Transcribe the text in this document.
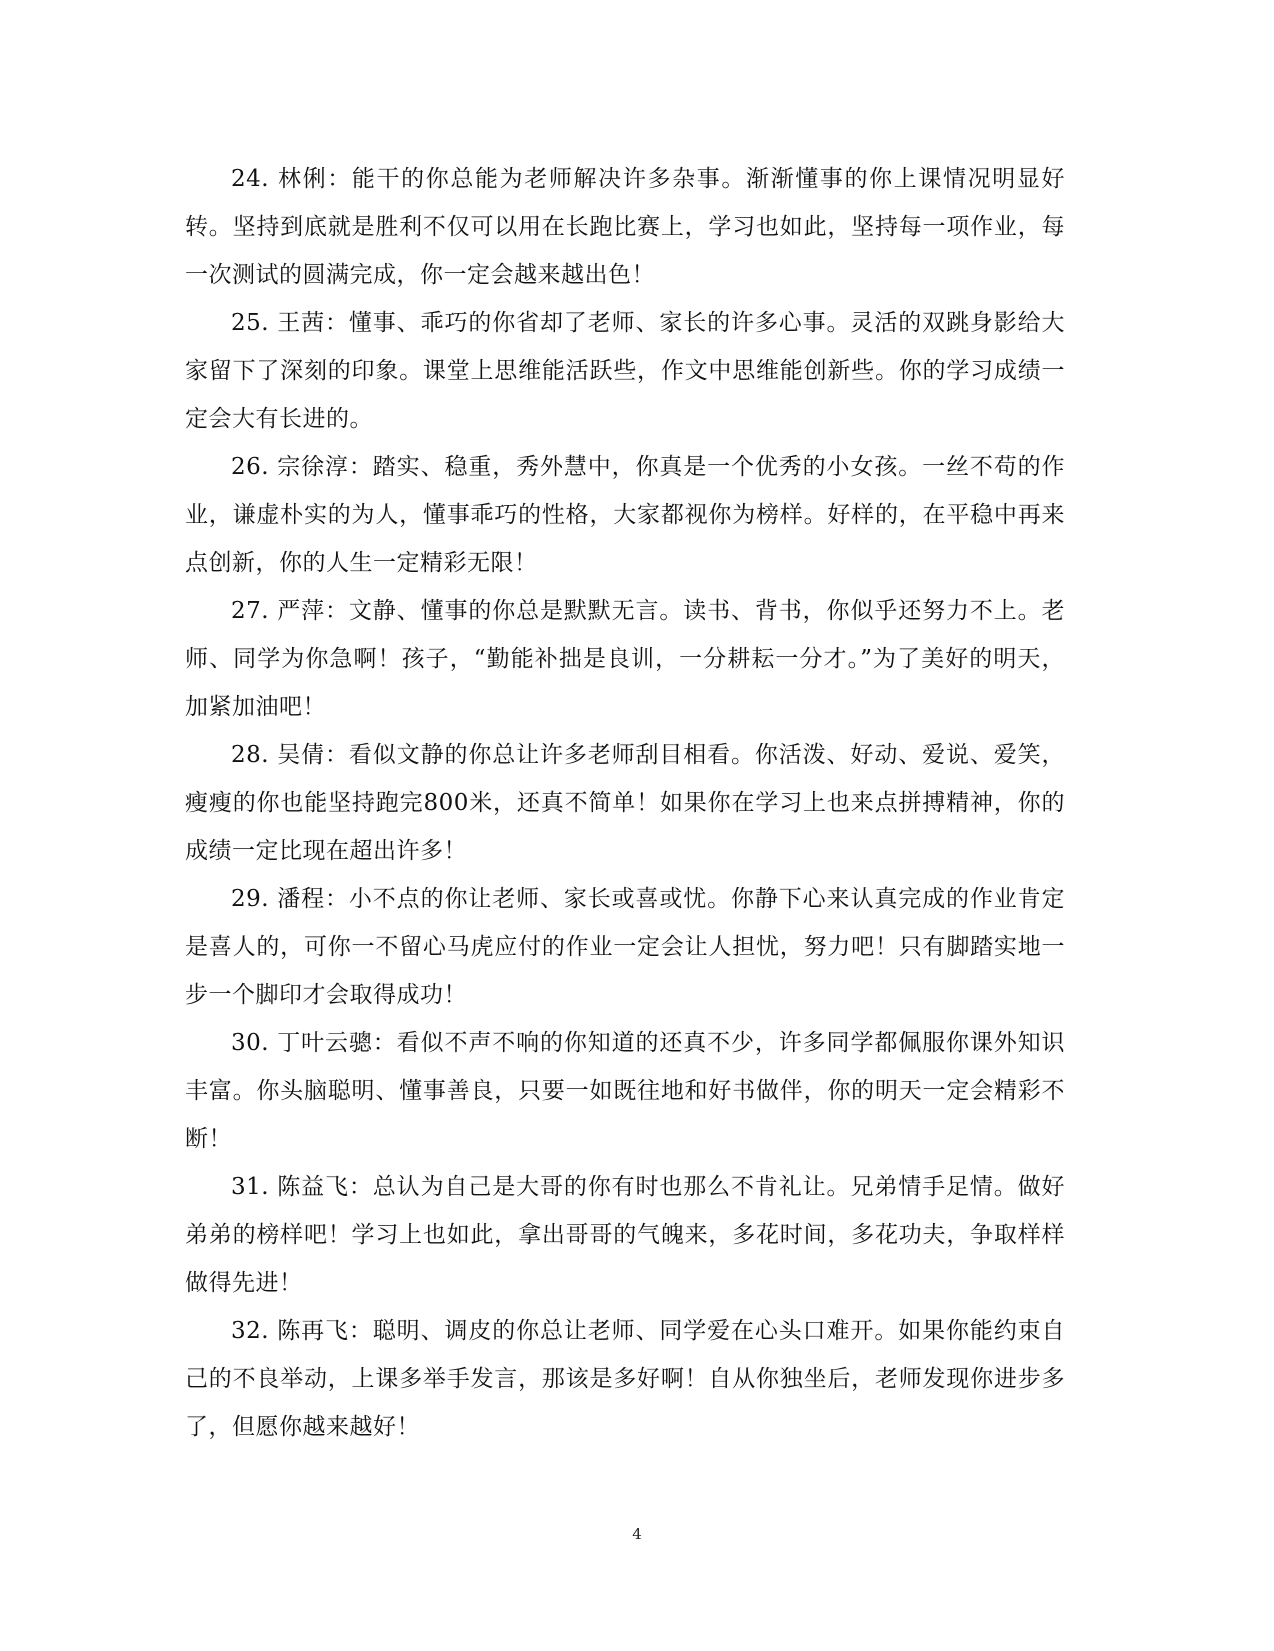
24. 林俐：能干的你总能为老师解决许多杂事。渐渐懂事的你上课情况明显好转。坚持到底就是胜利不仅可以用在长跑比赛上，学习也如此，坚持每一项作业，每一次测试的圆满完成，你一定会越来越出色！

25. 王茜：懂事、乖巧的你省却了老师、家长的许多心事。灵活的双跳身影给大家留下了深刻的印象。课堂上思维能活跃些，作文中思维能创新些。你的学习成绩一定会大有长进的。

26. 宗徐淳：踏实、稳重，秀外慧中，你真是一个优秀的小女孩。一丝不苟的作业，谦虚朴实的为人，懂事乖巧的性格，大家都视你为榜样。好样的，在平稳中再来点创新，你的人生一定精彩无限！

27. 严萍：文静、懂事的你总是默默无言。读书、背书，你似乎还努力不上。老师、同学为你急啊！孩子，“勤能补拙是良训，一分耕耘一分才。”为了美好的明天，加紧加油吧！

28. 吴倩：看似文静的你总让许多老师刮目相看。你活泼、好动、爱说、爱笑，瘦瘦的你也能坚持跑完800米，还真不简单！如果你在学习上也来点拼搏精神，你的成绩一定比现在超出许多！

29. 潘程：小不点的你让老师、家长或喜或忧。你静下心来认真完成的作业肯定是喜人的，可你一不留心马虎应付的作业一定会让人担忧，努力吧！只有脚踏实地一步一个脚印才会取得成功！

30. 丁叶云骢：看似不声不响的你知道的还真不少，许多同学都佩服你课外知识丰富。你头脑聪明、懂事善良，只要一如既往地和好书做伴，你的明天一定会精彩不断！

31. 陈益飞：总认为自己是大哥的你有时也那么不肯礼让。兄弟情手足情。做好弟弟的榜样吧！学习上也如此，拿出哥哥的气魄来，多花时间，多花功夫，争取样样做得先进！

32. 陈再飞：聪明、调皮的你总让老师、同学爱在心头口难开。如果你能约束自己的不良举动，上课多举手发言，那该是多好啊！自从你独坐后，老师发现你进步多了，但愿你越来越好！

4
